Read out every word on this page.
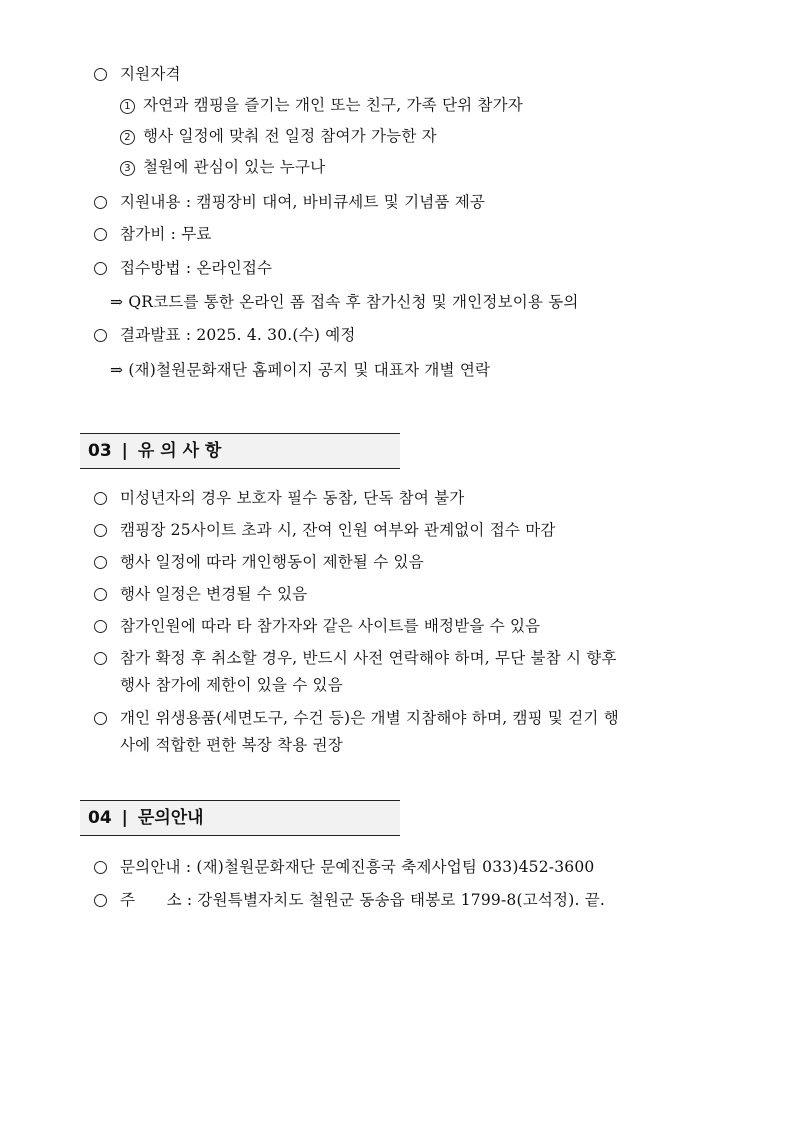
지원자격
1 자연과 캠핑을 즐기는 개인 또는 친구, 가족 단위 참가자
2 행사 일정에 맞춰 전 일정 참여가 가능한 자
3 철원에 관심이 있는 누구나
지원내용 : 캠핑장비 대여, 바비큐세트 및 기념품 제공
참가비 : 무료
접수방법 : 온라인접수
⇒ QR코드를 통한 온라인 폼 접속 후 참가신청 및 개인정보이용 동의
결과발표 : 2025. 4. 30.(수) 예정
⇒ (재)철원문화재단 홈페이지 공지 및 대표자 개별 연락
03 | 유 의 사 항
미성년자의 경우 보호자 필수 동참, 단독 참여 불가
캠핑장 25사이트 초과 시, 잔여 인원 여부와 관계없이 접수 마감
행사 일정에 따라 개인행동이 제한될 수 있음
행사 일정은 변경될 수 있음
참가인원에 따라 타 참가자와 같은 사이트를 배정받을 수 있음
참가 확정 후 취소할 경우, 반드시 사전 연락해야 하며, 무단 불참 시 향후
행사 참가에 제한이 있을 수 있음
개인 위생용품(세면도구, 수건 등)은 개별 지참해야 하며, 캠핑 및 걷기 행
사에 적합한 편한 복장 착용 권장
04 | 문의안내
문의안내 : (재)철원문화재단 문예진흥국 축제사업팀 033)452-3600
주　　소 : 강원특별자치도 철원군 동송읍 태봉로 1799-8(고석정). 끝.
